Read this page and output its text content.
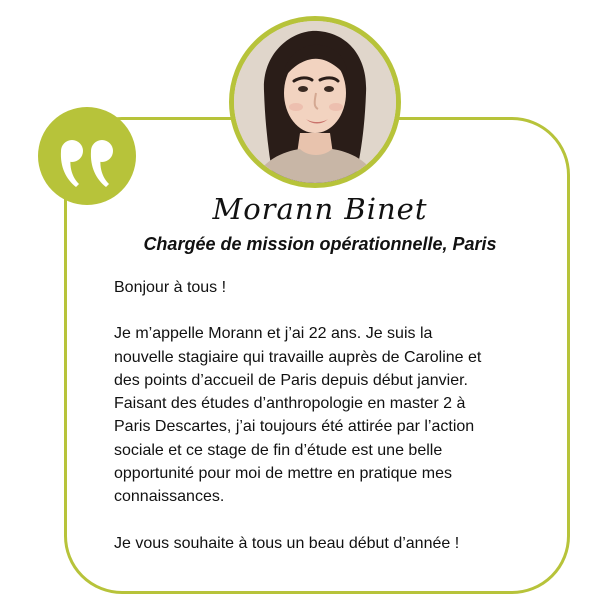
Morann Binet
Chargée de mission opérationnelle, Paris

Bonjour à tous !

Je m’appelle Morann et j’ai 22 ans. Je suis la
nouvelle stagiaire qui travaille auprès de Caroline et
des points d’accueil de Paris depuis début janvier.
Faisant des études d’anthropologie en master 2 à
Paris Descartes, j’ai toujours été attirée par l’action
sociale et ce stage de fin d’étude est une belle
opportunité pour moi de mettre en pratique mes
connaissances.

Je vous souhaite à tous un beau début d’année !
